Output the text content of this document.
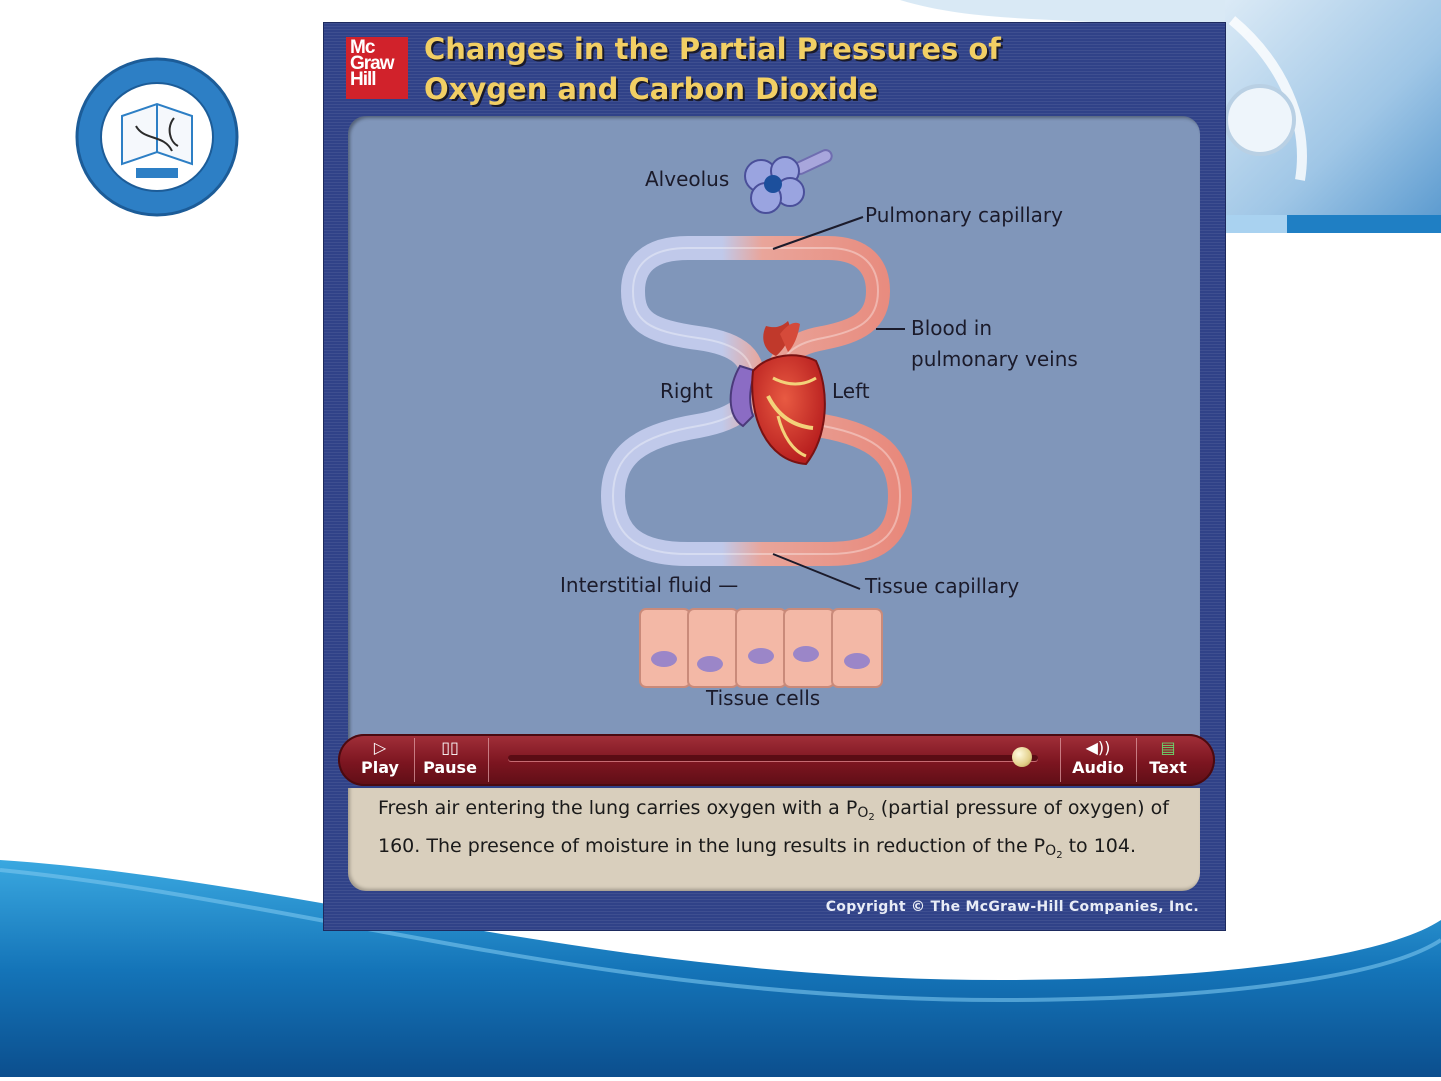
Mc
Graw
Hill
Changes in the Partial Pressures of
Oxygen and Carbon Dioxide
Alveolus
Pulmonary capillary
Blood in
pulmonary veins
Right	Left
Interstitial fluid —	Tissue capillary
Tissue cells
▷
Play
▯▯
Pause
◀))
Audio
▤
Text
Fresh air entering the lung carries oxygen with a $PO_2$ (partial pressure of oxygen) of 160. The presence of moisture in the lung results in reduction of the $PO_2$ to 104.
Copyright © The McGraw-Hill Companies, Inc.
